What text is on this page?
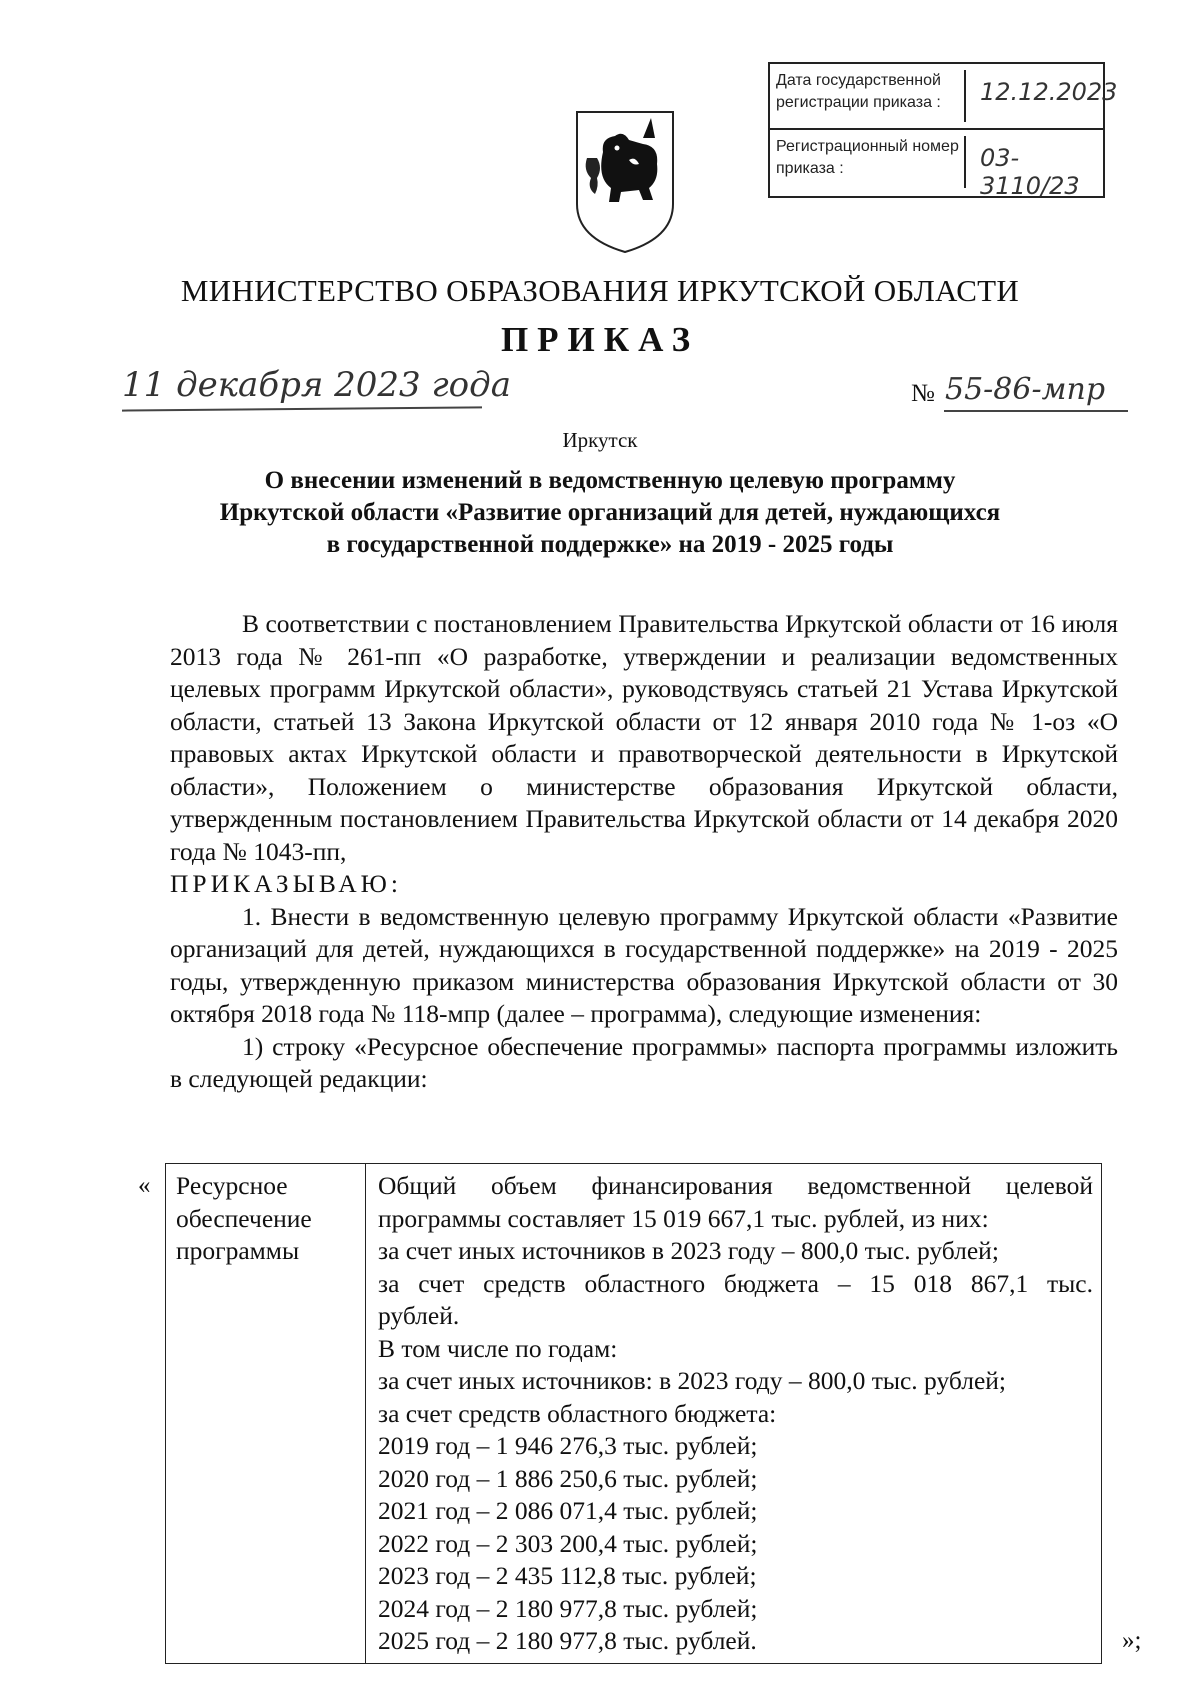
Дата государственной регистрации приказа :	12.12.2023
Регистрационный номер приказа :	03-3110/23
МИНИСТЕРСТВО ОБРАЗОВАНИЯ ИРКУТСКОЙ ОБЛАСТИ
ПРИКАЗ
11 декабря 2023 года	№ 55-86-мпр
Иркутск
О внесении изменений в ведомственную целевую программу
Иркутской области «Развитие организаций для детей, нуждающихся
в государственной поддержке» на 2019 - 2025 годы

В соответствии с постановлением Правительства Иркутской области от 16 июля 2013 года № 261-пп «О разработке, утверждении и реализации ведомственных целевых программ Иркутской области», руководствуясь статьей 21 Устава Иркутской области, статьей 13 Закона Иркутской области от 12 января 2010 года № 1-оз «О правовых актах Иркутской области и правотворческой деятельности в Иркутской области», Положением о министерстве образования Иркутской области, утвержденным постановлением Правительства Иркутской области от 14 декабря 2020 года № 1043-пп,

ПРИКАЗЫВАЮ:

1. Внести в ведомственную целевую программу Иркутской области «Развитие организаций для детей, нуждающихся в государственной поддержке» на 2019 - 2025 годы, утвержденную приказом министерства образования Иркутской области от 30 октября 2018 года № 118-мпр (далее – программа), следующие изменения:

1) строку «Ресурсное обеспечение программы» паспорта программы изложить в следующей редакции:

«	Ресурсное обеспечение программы
Общий объем финансирования ведомственной целевой
программы составляет 15 019 667,1 тыс. рублей, из них:
за счет иных источников в 2023 году – 800,0 тыс. рублей;
за счет средств областного бюджета – 15 018 867,1 тыс.
рублей.
В том числе по годам:
за счет иных источников: в 2023 году – 800,0 тыс. рублей;
за счет средств областного бюджета:
2019 год – 1 946 276,3 тыс. рублей;
2020 год – 1 886 250,6 тыс. рублей;
2021 год – 2 086 071,4 тыс. рублей;
2022 год – 2 303 200,4 тыс. рублей;
2023 год – 2 435 112,8 тыс. рублей;
2024 год – 2 180 977,8 тыс. рублей;
2025 год – 2 180 977,8 тыс. рублей.	»;
